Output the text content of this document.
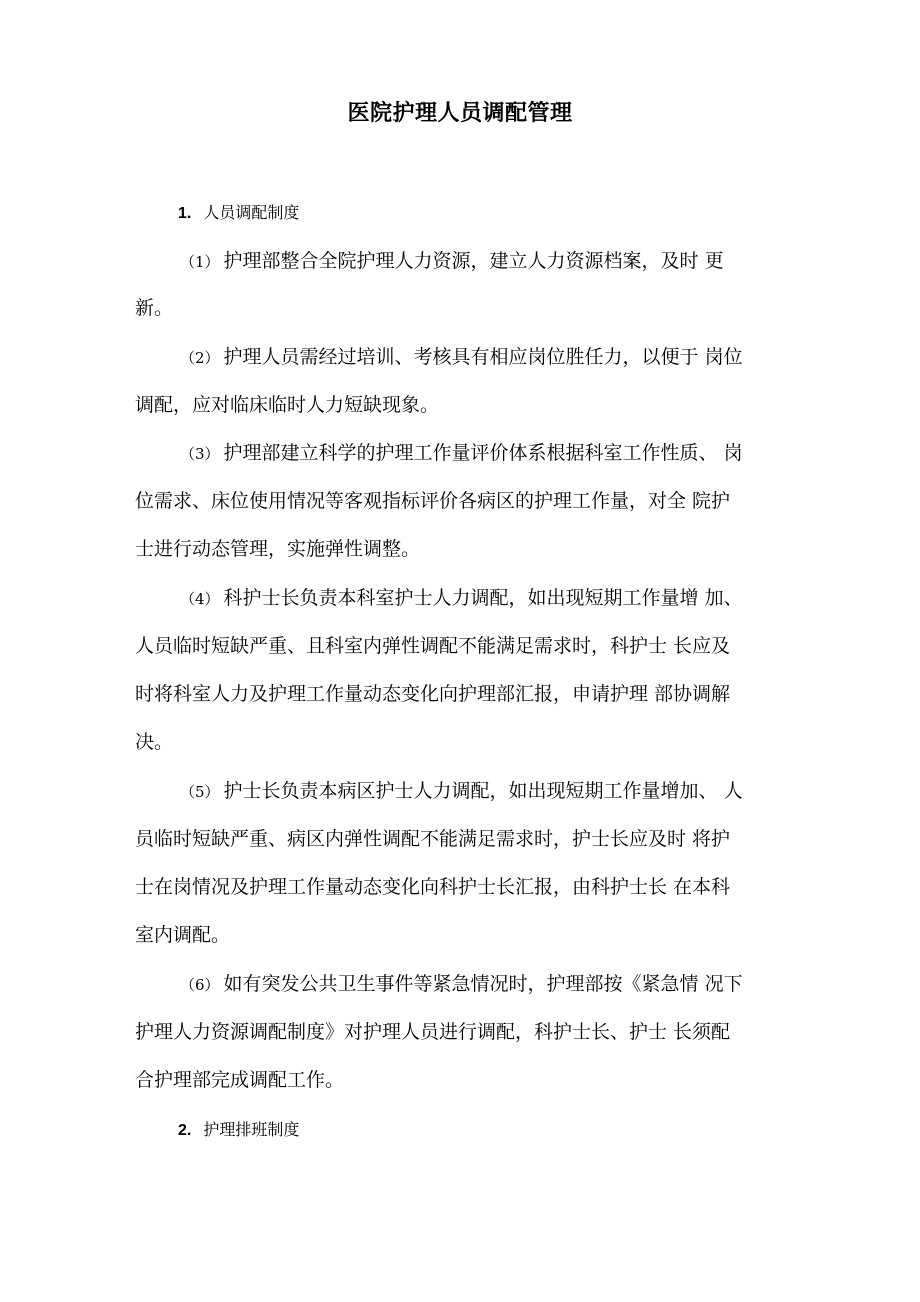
医院护理人员调配管理
1. 人员调配制度
（1） 护理部整合全院护理人力资源，建立人力资源档案，及时 更
新。
（2） 护理人员需经过培训、考核具有相应岗位胜任力，以便于 岗位
调配，应对临床临时人力短缺现象。
（3） 护理部建立科学的护理工作量评价体系根据科室工作性质、 岗
位需求、床位使用情况等客观指标评价各病区的护理工作量，对全 院护
士进行动态管理，实施弹性调整。
（4） 科护士长负责本科室护士人力调配，如出现短期工作量增 加、
人员临时短缺严重、且科室内弹性调配不能满足需求时，科护士 长应及
时将科室人力及护理工作量动态变化向护理部汇报，申请护理 部协调解
决。
（5） 护士长负责本病区护士人力调配，如出现短期工作量增加、 人
员临时短缺严重、病区内弹性调配不能满足需求时，护士长应及时 将护
士在岗情况及护理工作量动态变化向科护士长汇报，由科护士长 在本科
室内调配。
（6） 如有突发公共卫生事件等紧急情况时，护理部按《紧急情 况下
护理人力资源调配制度》对护理人员进行调配，科护士长、护士 长须配
合护理部完成调配工作。
2. 护理排班制度
